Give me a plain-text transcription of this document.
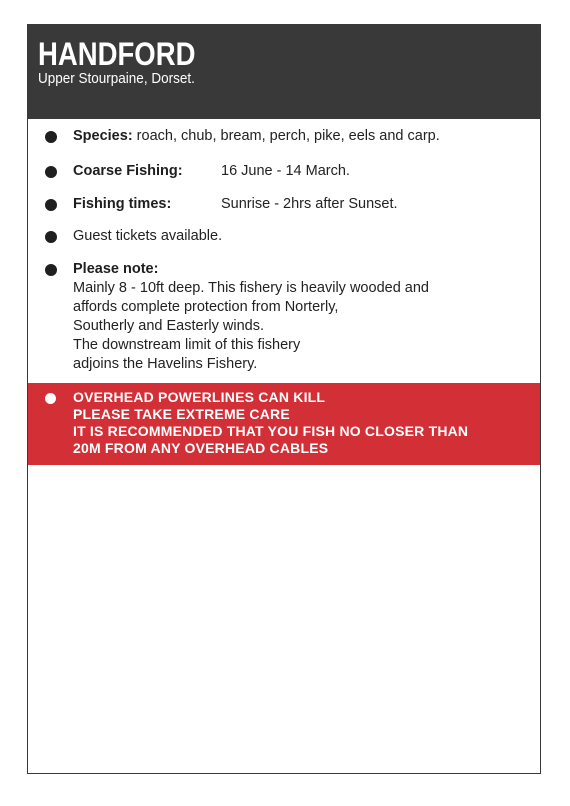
HANDFORD

Upper Stourpaine, Dorset.

Species: roach, chub, bream, perch, pike, eels and carp.
Coarse Fishing:	16 June - 14 March.
Fishing times:	Sunrise - 2hrs after Sunset.
Guest tickets available.
Please note:
Mainly 8 - 10ft deep. This fishery is heavily wooded and
affords complete protection from Norterly,
Southerly and Easterly winds.
The downstream limit of this fishery
adjoins the Havelins Fishery.
OVERHEAD POWERLINES CAN KILL
PLEASE TAKE EXTREME CARE
IT IS RECOMMENDED THAT YOU FISH NO CLOSER THAN
20M FROM ANY OVERHEAD CABLES
